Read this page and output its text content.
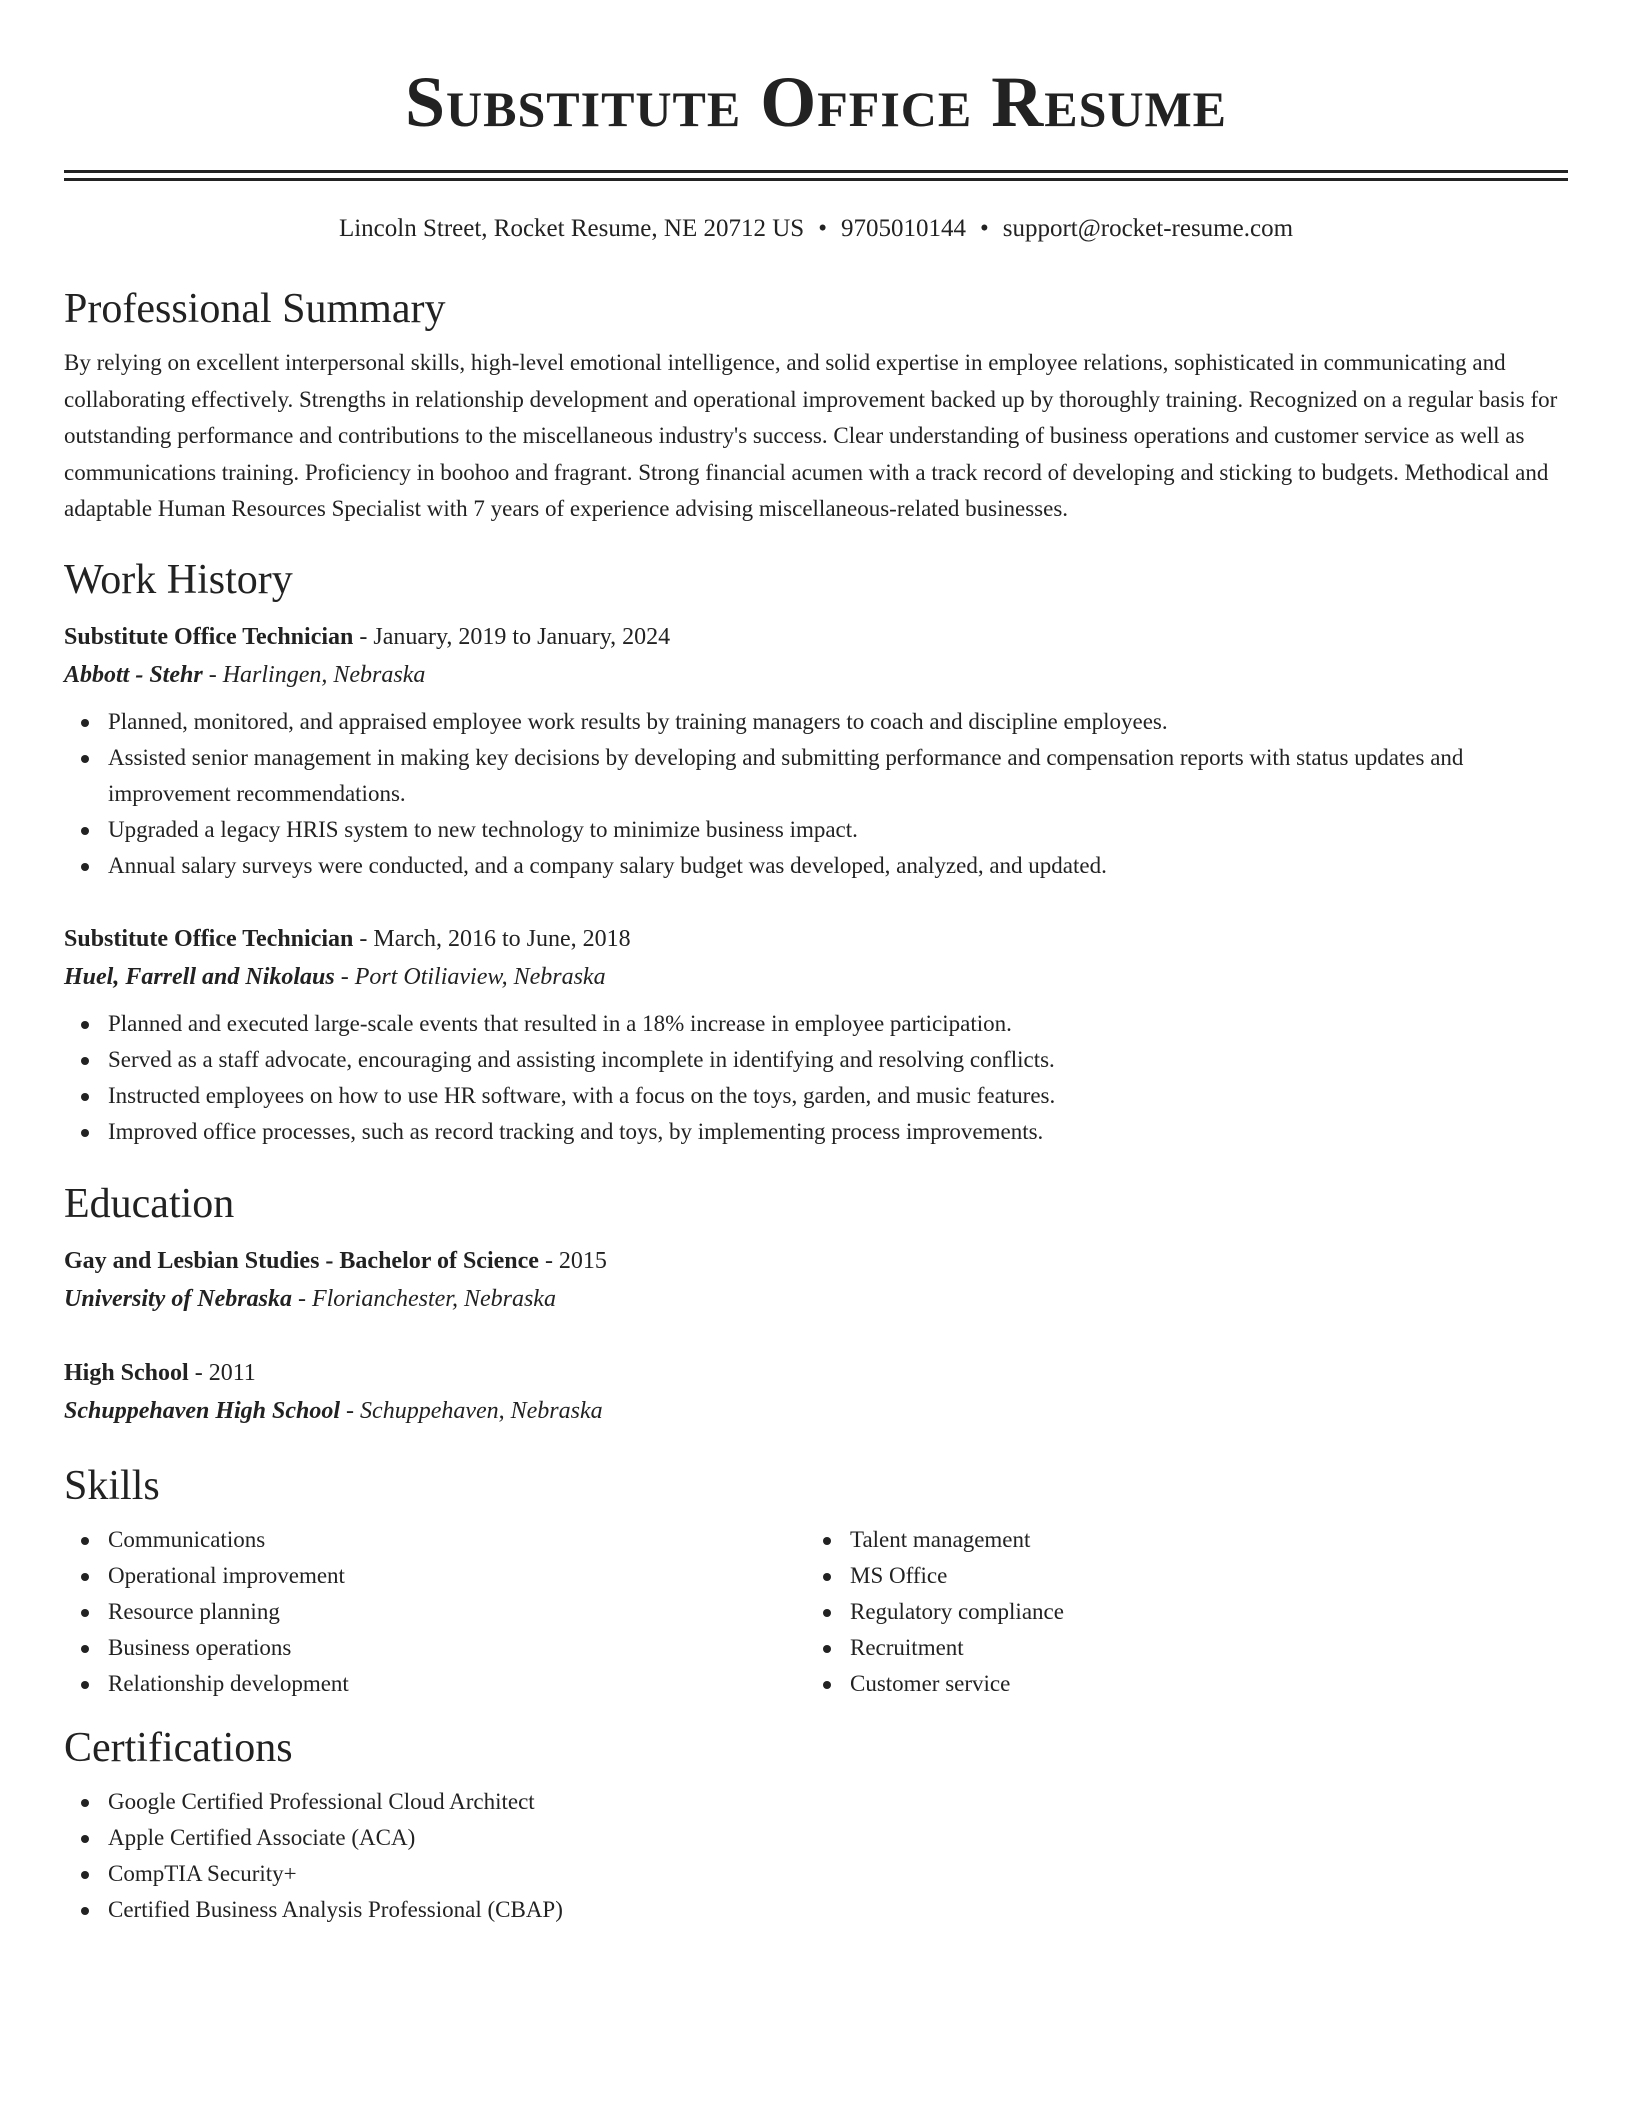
Substitute Office Resume
Lincoln Street, Rocket Resume, NE 20712 US • 9705010144 • support@rocket-resume.com
Professional Summary

By relying on excellent interpersonal skills, high-level emotional intelligence, and solid expertise in employee relations, sophisticated in communicating and collaborating effectively. Strengths in relationship development and operational improvement backed up by thoroughly training. Recognized on a regular basis for outstanding performance and contributions to the miscellaneous industry's success. Clear understanding of business operations and customer service as well as communications training. Proficiency in boohoo and fragrant. Strong financial acumen with a track record of developing and sticking to budgets. Methodical and adaptable Human Resources Specialist with 7 years of experience advising miscellaneous-related businesses.

Work History
Substitute Office Technician - January, 2019 to January, 2024
Abbott - Stehr - Harlingen, Nebraska
Planned, monitored, and appraised employee work results by training managers to coach and discipline employees.
Assisted senior management in making key decisions by developing and submitting performance and compensation reports with status updates and improvement recommendations.
Upgraded a legacy HRIS system to new technology to minimize business impact.
Annual salary surveys were conducted, and a company salary budget was developed, analyzed, and updated.
Substitute Office Technician - March, 2016 to June, 2018
Huel, Farrell and Nikolaus - Port Otiliaview, Nebraska
Planned and executed large-scale events that resulted in a 18% increase in employee participation.
Served as a staff advocate, encouraging and assisting incomplete in identifying and resolving conflicts.
Instructed employees on how to use HR software, with a focus on the toys, garden, and music features.
Improved office processes, such as record tracking and toys, by implementing process improvements.
Education
Gay and Lesbian Studies - Bachelor of Science - 2015
University of Nebraska - Florianchester, Nebraska
High School - 2011
Schuppehaven High School - Schuppehaven, Nebraska
Skills
Communications
Operational improvement
Resource planning
Business operations
Relationship development
Talent management
MS Office
Regulatory compliance
Recruitment
Customer service
Certifications
Google Certified Professional Cloud Architect
Apple Certified Associate (ACA)
CompTIA Security+
Certified Business Analysis Professional (CBAP)
